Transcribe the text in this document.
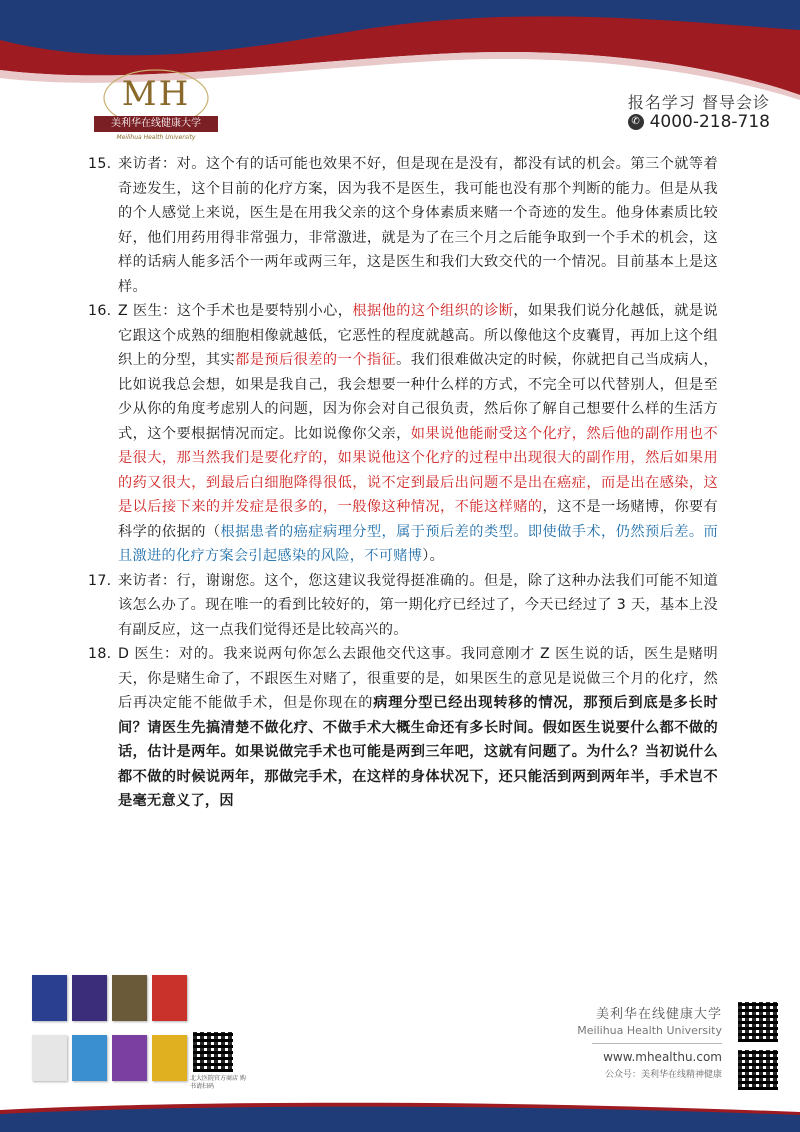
MH
美利华在线健康大学
Meilihua Health University
报名学习 督导会诊
✆ 4000-218-718
15. 来访者：对。这个有的话可能也效果不好，但是现在是没有，都没有试的机会。第三个就等着奇迹发生，这个目前的化疗方案，因为我不是医生，我可能也没有那个判断的能力。但是从我的个人感觉上来说，医生是在用我父亲的这个身体素质来赌一个奇迹的发生。他身体素质比较好，他们用药用得非常强力，非常激进，就是为了在三个月之后能争取到一个手术的机会，这样的话病人能多活个一两年或两三年，这是医生和我们大致交代的一个情况。目前基本上是这样。
16. Z 医生：这个手术也是要特别小心，根据他的这个组织的诊断，如果我们说分化越低，就是说它跟这个成熟的细胞相像就越低，它恶性的程度就越高。所以像他这个皮囊胃，再加上这个组织上的分型，其实都是预后很差的一个指征。我们很难做决定的时候，你就把自己当成病人，比如说我总会想，如果是我自己，我会想要一种什么样的方式，不完全可以代替别人，但是至少从你的角度考虑别人的问题，因为你会对自己很负责，然后你了解自己想要什么样的生活方式，这个要根据情况而定。比如说像你父亲，如果说他能耐受这个化疗，然后他的副作用也不是很大，那当然我们是要化疗的，如果说他这个化疗的过程中出现很大的副作用，然后如果用的药又很大，到最后白细胞降得很低，说不定到最后出问题不是出在癌症，而是出在感染，这是以后接下来的并发症是很多的，一般像这种情况，不能这样赌的，这不是一场赌博，你要有科学的依据的（根据患者的癌症病理分型，属于预后差的类型。即使做手术，仍然预后差。而且激进的化疗方案会引起感染的风险，不可赌博）。
17. 来访者：行，谢谢您。这个，您这建议我觉得挺准确的。但是，除了这种办法我们可能不知道该怎么办了。现在唯一的看到比较好的，第一期化疗已经过了，今天已经过了 3 天，基本上没有副反应，这一点我们觉得还是比较高兴的。
18. D 医生：对的。我来说两句你怎么去跟他交代这事。我同意刚才 Z 医生说的话，医生是赌明天，你是赌生命了，不跟医生对赌了，很重要的是，如果医生的意见是说做三个月的化疗，然后再决定能不能做手术，但是你现在的病理分型已经出现转移的情况，那预后到底是多长时间？请医生先搞清楚不做化疗、不做手术大概生命还有多长时间。假如医生说要什么都不做的话，估计是两年。如果说做完手术也可能是两到三年吧，这就有问题了。为什么？当初说什么都不做的时候说两年，那做完手术，在这样的身体状况下，还只能活到两到两年半，手术岂不是毫无意义了，因
北大医院官方商店 购书请扫码
美利华在线健康大学
Meilihua Health University
www.mhealthu.com
公众号：美利华在线精神健康
